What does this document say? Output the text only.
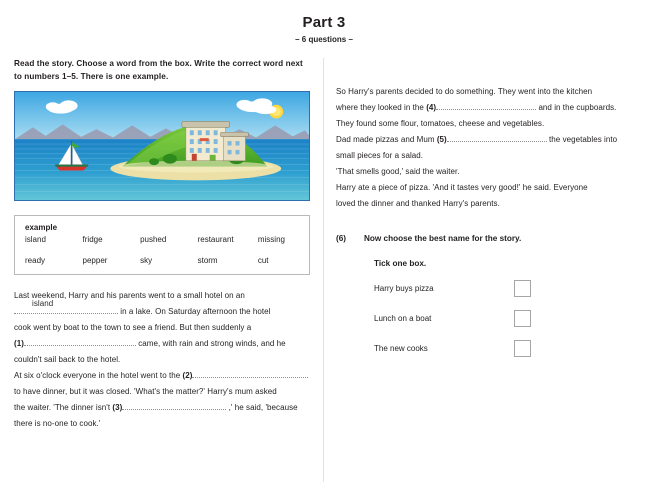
Part 3
– 6 questions –
Read the story. Choose a word from the box. Write the correct word next to numbers 1–5. There is one example.
example
island	fridge	pushed	restaurant	missing
ready	pepper	sky	storm	cut

Last weekend, Harry and his parents went to a small hotel on an

island
in a lake. On Saturday afternoon the hotel

cook went by boat to the town to see a friend. But then suddenly a

(1)	came, with rain and strong winds, and he

couldn't sail back to the hotel.

At six o'clock everyone in the hotel went to the (2)

to have dinner, but it was closed. 'What's the matter?' Harry's mum asked

the waiter. 'The dinner isn't (3)	,' he said, 'because

there is no-one to cook.'

So Harry's parents decided to do something. They went into the kitchen

where they looked in the (4)	and in the cupboards.

They found some flour, tomatoes, cheese and vegetables.

Dad made pizzas and Mum (5)	the vegetables into

small pieces for a salad.

'That smells good,' said the waiter.

Harry ate a piece of pizza. 'And it tastes very good!' he said. Everyone

loved the dinner and thanked Harry's parents.

(6)	Now choose the best name for the story.
Tick one box.
Harry buys pizza
Lunch on a boat
The new cooks
